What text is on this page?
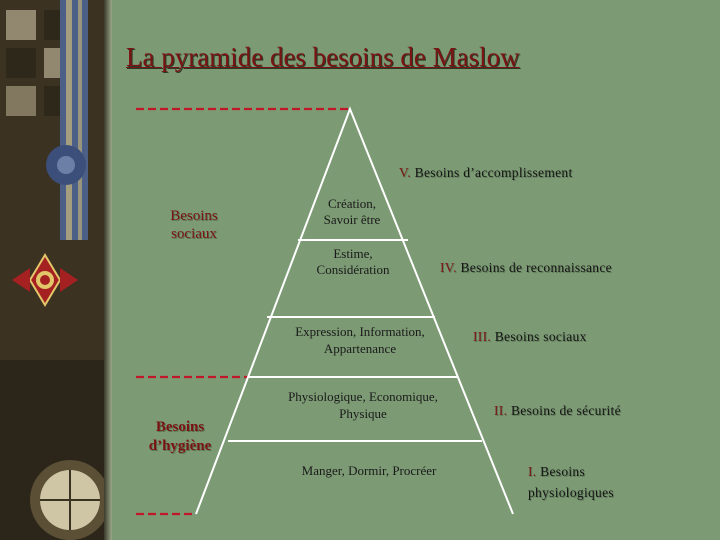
La pyramide des besoins de Maslow
Création,
Savoir être
Estime,
Considération
Expression, Information,
Appartenance
Physiologique, Economique,
Physique
Manger, Dormir, Procréer
V. Besoins d’accomplissement
IV. Besoins de reconnaissance
III. Besoins sociaux
II. Besoins de sécurité
I. Besoins
physiologiques
Besoins
sociaux
Besoins
d’hygiène
